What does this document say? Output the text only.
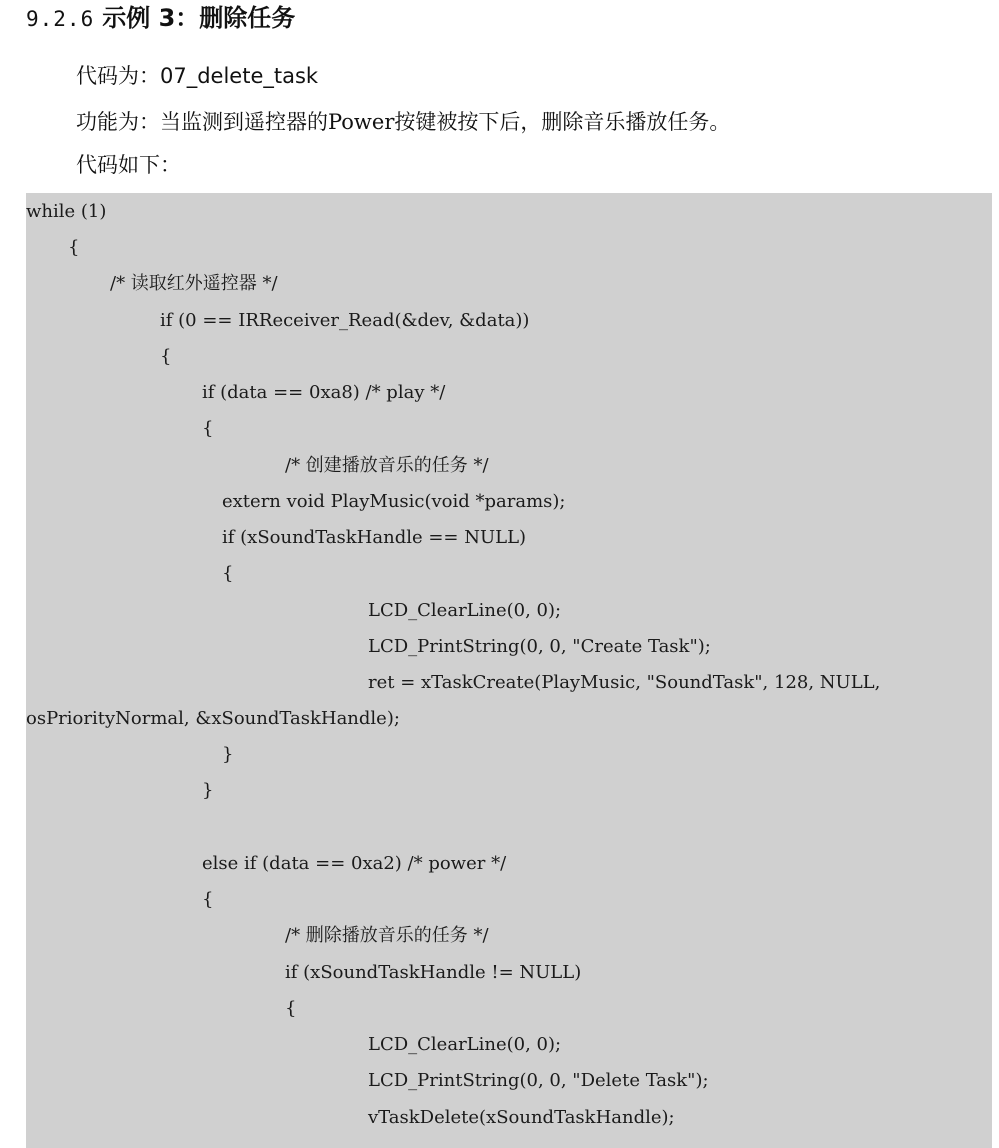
9.2.6 示例 3：删除任务
代码为：07_delete_task
功能为：当监测到遥控器的Power按键被按下后，删除音乐播放任务。
代码如下：
while (1)
{
/* 读取红外遥控器 */
if (0 == IRReceiver_Read(&dev, &data))
{
if (data == 0xa8) /* play */
{
/* 创建播放音乐的任务 */
extern void PlayMusic(void *params);
if (xSoundTaskHandle == NULL)
{
LCD_ClearLine(0, 0);
LCD_PrintString(0, 0, "Create Task");
ret = xTaskCreate(PlayMusic, "SoundTask", 128, NULL,
osPriorityNormal, &xSoundTaskHandle);
}
}
else if (data == 0xa2) /* power */
{
/* 删除播放音乐的任务 */
if (xSoundTaskHandle != NULL)
{
LCD_ClearLine(0, 0);
LCD_PrintString(0, 0, "Delete Task");
vTaskDelete(xSoundTaskHandle);
